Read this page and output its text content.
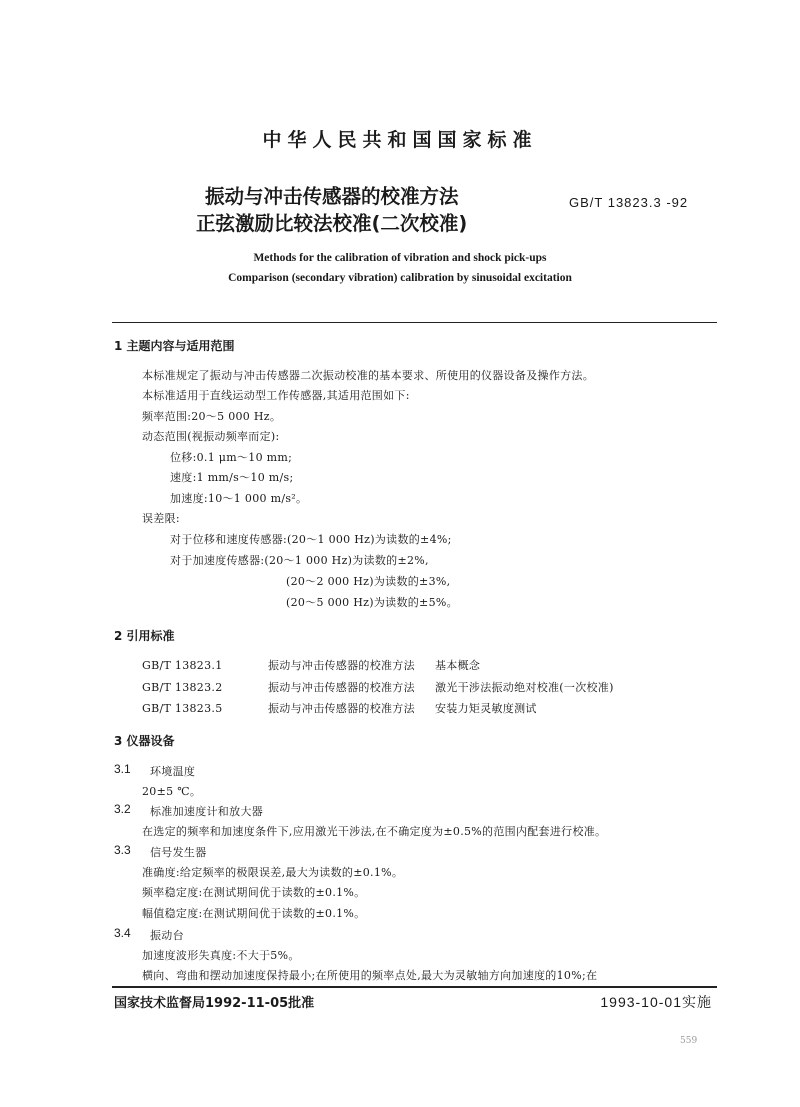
中华人民共和国国家标准
振动与冲击传感器的校准方法
正弦激励比较法校准(二次校准)
GB/T 13823.3 -92
Methods for the calibration of vibration and shock pick-ups
Comparison (secondary vibration) calibration by sinusoidal excitation
1 主题内容与适用范围
本标准规定了振动与冲击传感器二次振动校准的基本要求、所使用的仪器设备及操作方法。
本标准适用于直线运动型工作传感器,其适用范围如下:
频率范围:20～5 000 Hz。
动态范围(视振动频率而定):
位移:0.1 μm～10 mm;
速度:1 mm/s～10 m/s;
加速度:10～1 000 m/s²。
误差限:
对于位移和速度传感器:(20～1 000 Hz)为读数的±4%;
对于加速度传感器:(20～1 000 Hz)为读数的±2%,
(20～2 000 Hz)为读数的±3%,
(20～5 000 Hz)为读数的±5%。
2 引用标准
GB/T 13823.1	振动与冲击传感器的校准方法 基本概念
GB/T 13823.2	振动与冲击传感器的校准方法 激光干涉法振动绝对校准(一次校准)
GB/T 13823.5	振动与冲击传感器的校准方法 安装力矩灵敏度测试
3 仪器设备
3.1 环境温度
20±5 ℃。
3.2 标准加速度计和放大器
在选定的频率和加速度条件下,应用激光干涉法,在不确定度为±0.5%的范围内配套进行校准。
3.3 信号发生器
准确度:给定频率的极限误差,最大为读数的±0.1%。
频率稳定度:在测试期间优于读数的±0.1%。
幅值稳定度:在测试期间优于读数的±0.1%。
3.4 振动台
加速度波形失真度:不大于5%。
横向、弯曲和摆动加速度保持最小;在所使用的频率点处,最大为灵敏轴方向加速度的10%;在
国家技术监督局1992-11-05批准	1993-10-01实施
559
